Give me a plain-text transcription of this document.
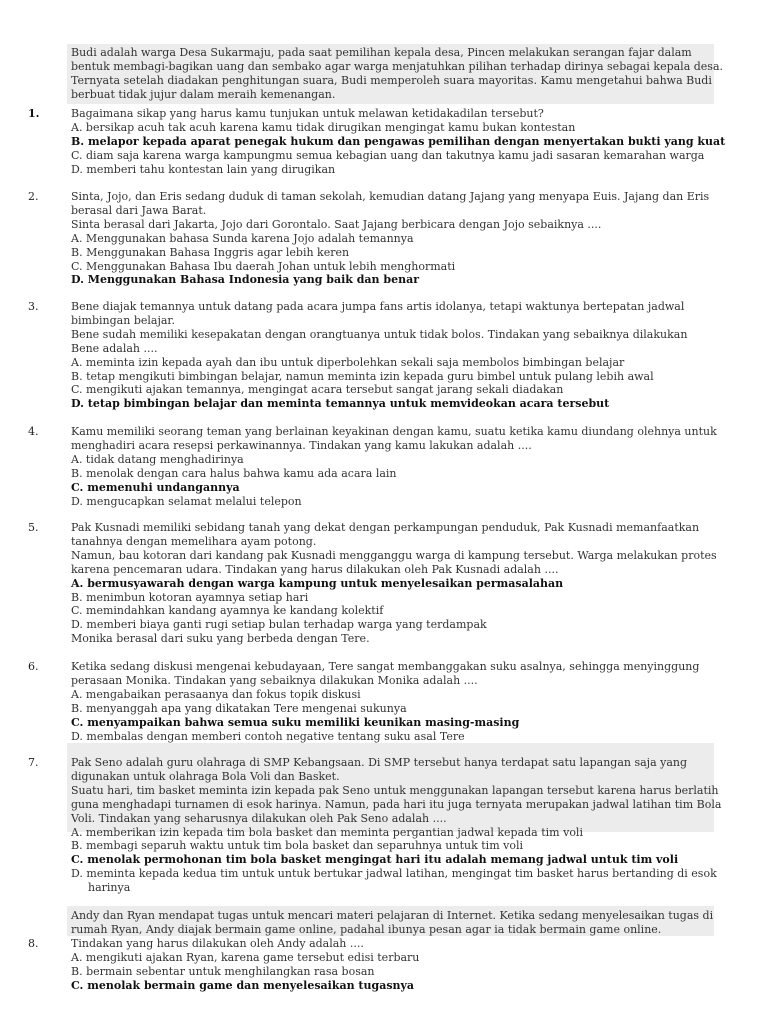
Budi adalah warga Desa Sukarmaju, pada saat pemilihan kepala desa, Pincen melakukan serangan fajar dalam
bentuk membagi-bagikan uang dan sembako agar warga menjatuhkan pilihan terhadap dirinya sebagai kepala desa.
Ternyata setelah diadakan penghitungan suara, Budi memperoleh suara mayoritas. Kamu mengetahui bahwa Budi
berbuat tidak jujur dalam meraih kemenangan.
1.	Bagaimana sikap yang harus kamu tunjukan untuk melawan ketidakadilan tersebut?
A. bersikap acuh tak acuh karena kamu tidak dirugikan mengingat kamu bukan kontestan
B. melapor kepada aparat penegak hukum dan pengawas pemilihan dengan menyertakan bukti yang kuat
C. diam saja karena warga kampungmu semua kebagian uang dan takutnya kamu jadi sasaran kemarahan warga
D. memberi tahu kontestan lain yang dirugikan
2.	Sinta, Jojo, dan Eris sedang duduk di taman sekolah, kemudian datang Jajang yang menyapa Euis. Jajang dan Eris
berasal dari Jawa Barat.
Sinta berasal dari Jakarta, Jojo dari Gorontalo. Saat Jajang berbicara dengan Jojo sebaiknya ....
A. Menggunakan bahasa Sunda karena Jojo adalah temannya
B. Menggunakan Bahasa Inggris agar lebih keren
C. Menggunakan Bahasa Ibu daerah Johan untuk lebih menghormati
D. Menggunakan Bahasa Indonesia yang baik dan benar
3.	Bene diajak temannya untuk datang pada acara jumpa fans artis idolanya, tetapi waktunya bertepatan jadwal
bimbingan belajar.
Bene sudah memiliki kesepakatan dengan orangtuanya untuk tidak bolos. Tindakan yang sebaiknya dilakukan
Bene adalah ....
A. meminta izin kepada ayah dan ibu untuk diperbolehkan sekali saja membolos bimbingan belajar
B. tetap mengikuti bimbingan belajar, namun meminta izin kepada guru bimbel untuk pulang lebih awal
C. mengikuti ajakan temannya, mengingat acara tersebut sangat jarang sekali diadakan
D. tetap bimbingan belajar dan meminta temannya untuk memvideokan acara tersebut
4.	Kamu memiliki seorang teman yang berlainan keyakinan dengan kamu, suatu ketika kamu diundang olehnya untuk
menghadiri acara resepsi perkawinannya. Tindakan yang kamu lakukan adalah ....
A. tidak datang menghadirinya
B. menolak dengan cara halus bahwa kamu ada acara lain
C. memenuhi undangannya
D. mengucapkan selamat melalui telepon
5.	Pak Kusnadi memiliki sebidang tanah yang dekat dengan perkampungan penduduk, Pak Kusnadi memanfaatkan
tanahnya dengan memelihara ayam potong.
Namun, bau kotoran dari kandang pak Kusnadi mengganggu warga di kampung tersebut. Warga melakukan protes
karena pencemaran udara. Tindakan yang harus dilakukan oleh Pak Kusnadi adalah ....
A. bermusyawarah dengan warga kampung untuk menyelesaikan permasalahan
B. menimbun kotoran ayamnya setiap hari
C. memindahkan kandang ayamnya ke kandang kolektif
D. memberi biaya ganti rugi setiap bulan terhadap warga yang terdampak
Monika berasal dari suku yang berbeda dengan Tere.
6.	Ketika sedang diskusi mengenai kebudayaan, Tere sangat membanggakan suku asalnya, sehingga menyinggung
perasaan Monika. Tindakan yang sebaiknya dilakukan Monika adalah ....
A. mengabaikan perasaanya dan fokus topik diskusi
B. menyanggah apa yang dikatakan Tere mengenai sukunya
C. menyampaikan bahwa semua suku memiliki keunikan masing-masing
D. membalas dengan memberi contoh negative tentang suku asal Tere
7.	Pak Seno adalah guru olahraga di SMP Kebangsaan. Di SMP tersebut hanya terdapat satu lapangan saja yang
digunakan untuk olahraga Bola Voli dan Basket.
Suatu hari, tim basket meminta izin kepada pak Seno untuk menggunakan lapangan tersebut karena harus berlatih
guna menghadapi turnamen di esok harinya. Namun, pada hari itu juga ternyata merupakan jadwal latihan tim Bola
Voli. Tindakan yang seharusnya dilakukan oleh Pak Seno adalah ....
A. memberikan izin kepada tim bola basket dan meminta pergantian jadwal kepada tim voli
B. membagi separuh waktu untuk tim bola basket dan separuhnya untuk tim voli
C. menolak permohonan tim bola basket mengingat hari itu adalah memang jadwal untuk tim voli
D. meminta kepada kedua tim untuk untuk bertukar jadwal latihan, mengingat tim basket harus bertanding di esok
harinya
Andy dan Ryan mendapat tugas untuk mencari materi pelajaran di Internet. Ketika sedang menyelesaikan tugas di
rumah Ryan, Andy diajak bermain game online, padahal ibunya pesan agar ia tidak bermain game online.
8.	Tindakan yang harus dilakukan oleh Andy adalah ....
A. mengikuti ajakan Ryan, karena game tersebut edisi terbaru
B. bermain sebentar untuk menghilangkan rasa bosan
C. menolak bermain game dan menyelesaikan tugasnya
